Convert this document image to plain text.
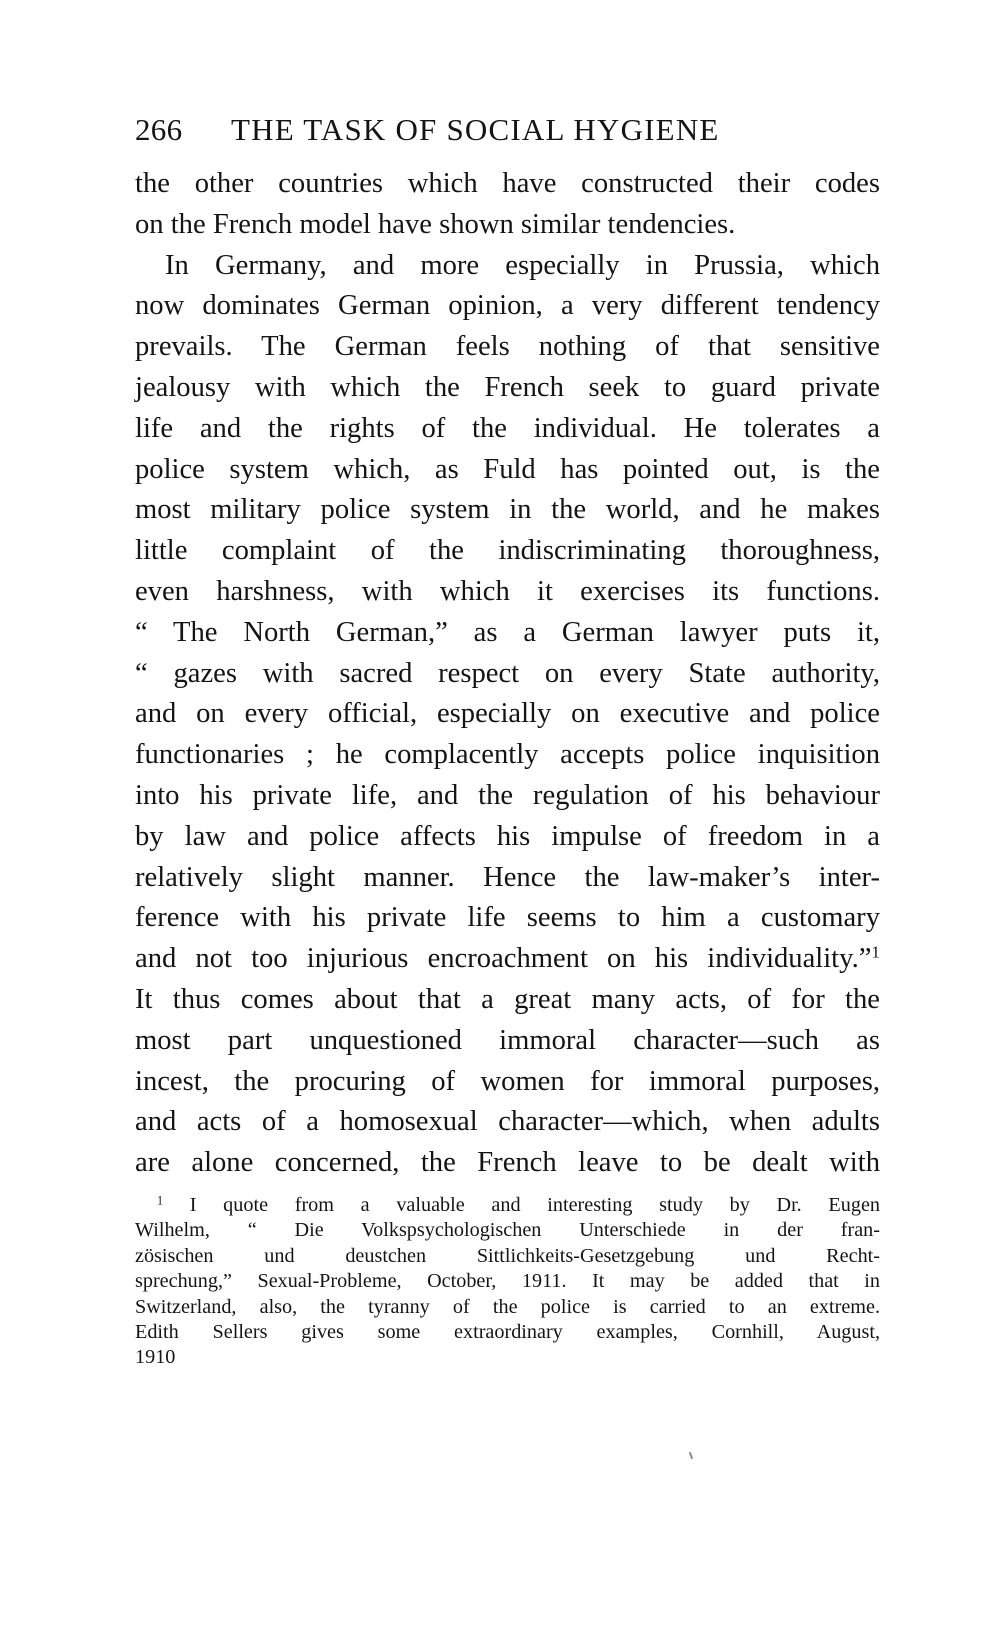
266 THE TASK OF SOCIAL HYGIENE
the other countries which have constructed their codes
on the French model have shown similar tendencies.
In Germany, and more especially in Prussia, which
now dominates German opinion, a very different tendency
prevails. The German feels nothing of that sensitive
jealousy with which the French seek to guard private
life and the rights of the individual. He tolerates a
police system which, as Fuld has pointed out, is the
most military police system in the world, and he makes
little complaint of the indiscriminating thoroughness,
even harshness, with which it exercises its functions.
“ The North German,” as a German lawyer puts it,
“ gazes with sacred respect on every State authority,
and on every official, especially on executive and police
functionaries ; he complacently accepts police inquisition
into his private life, and the regulation of his behaviour
by law and police affects his impulse of freedom in a
relatively slight manner. Hence the law-maker’s inter-
ference with his private life seems to him a customary
and not too injurious encroachment on his individuality.”$^1$
It thus comes about that a great many acts, of for the
most part unquestioned immoral character—such as
incest, the procuring of women for immoral purposes,
and acts of a homosexual character—which, when adults
are alone concerned, the French leave to be dealt with
$^1$ I quote from a valuable and interesting study by Dr. Eugen
Wilhelm, “ Die Volkspsychologischen Unterschiede in der fran-
zösischen und deustchen Sittlichkeits-Gesetzgebung und Recht-
sprechung,” Sexual-Probleme, October, 1911. It may be added that in
Switzerland, also, the tyranny of the police is carried to an extreme.
Edith Sellers gives some extraordinary examples, Cornhill, August,
1910
